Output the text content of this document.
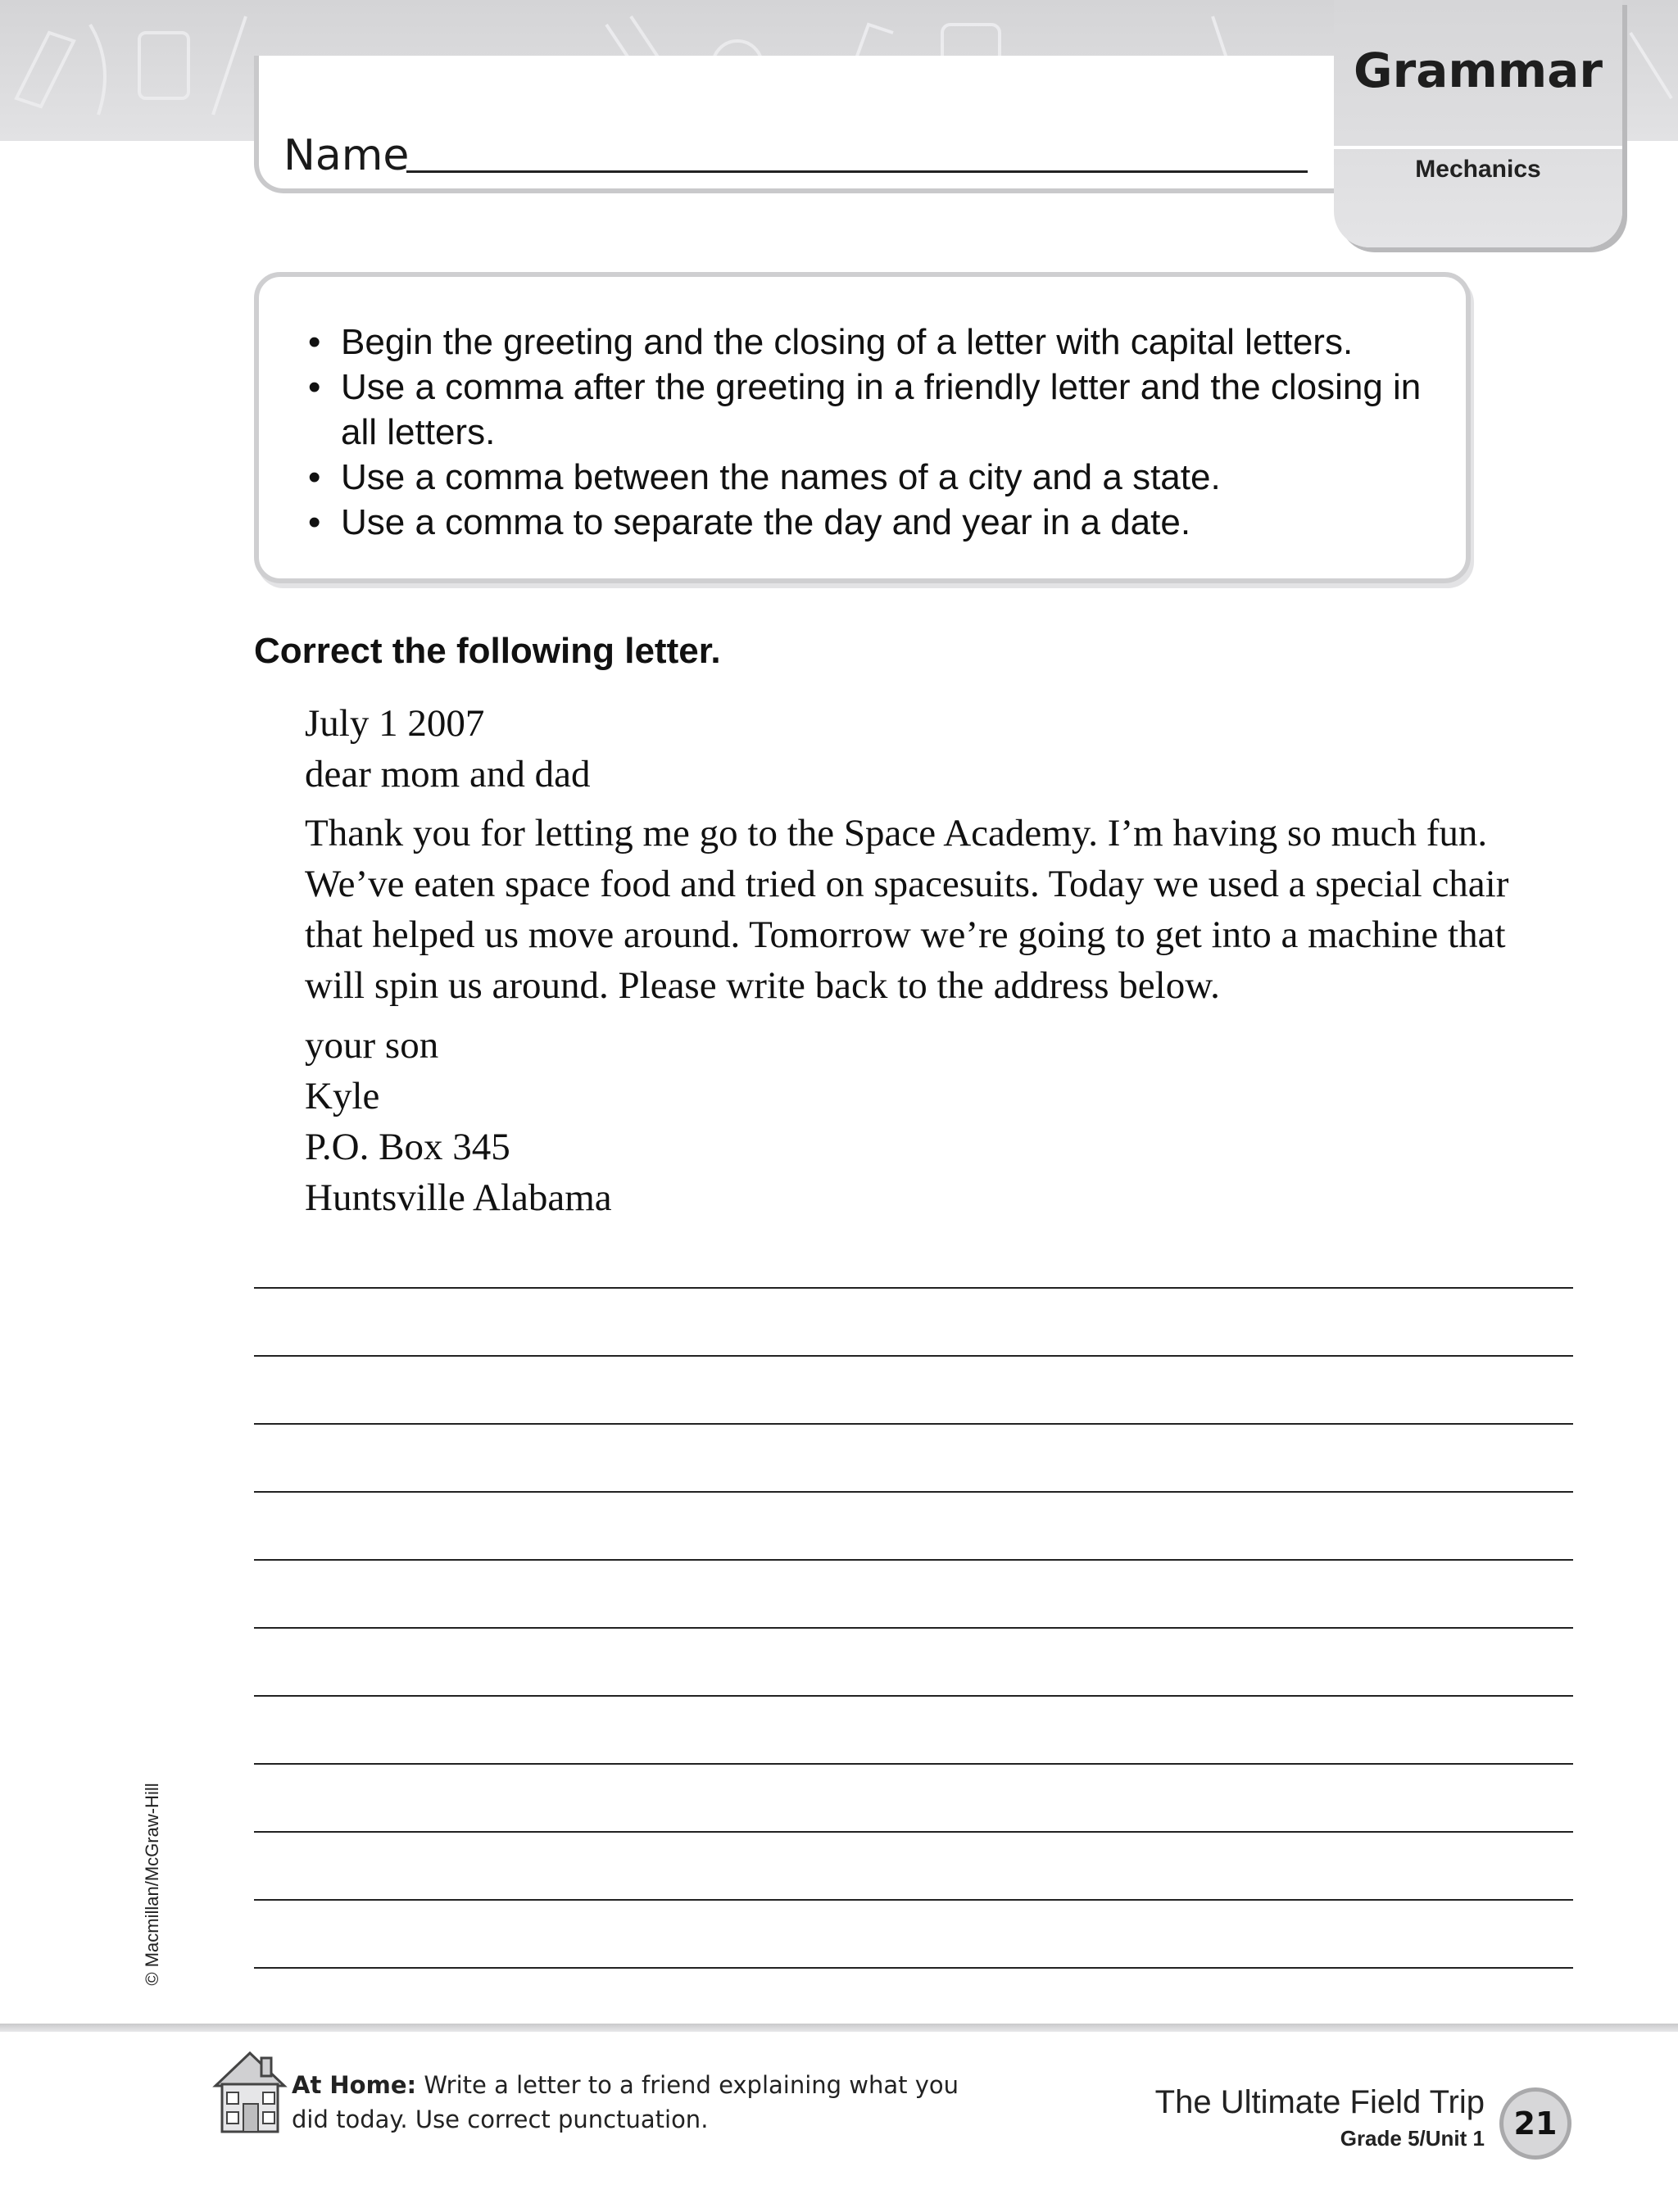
Name
Grammar
Mechanics
• Begin the greeting and the closing of a letter with capital letters.
• Use a comma after the greeting in a friendly letter and the closing in all letters.
• Use a comma between the names of a city and a state.
• Use a comma to separate the day and year in a date.
Correct the following letter.
July 1 2007
dear mom and dad
Thank you for letting me go to the Space Academy. I’m having so much fun. We’ve eaten space food and tried on spacesuits. Today we used a special chair that helped us move around. Tomorrow we’re going to get into a machine that will spin us around. Please write back to the address below.
your son
Kyle
P.O. Box 345
Huntsville Alabama
© Macmillan/McGraw-Hill
At Home: Write a letter to a friend explaining what you did today. Use correct punctuation.	The Ultimate Field Trip
Grade 5/Unit 1 21
